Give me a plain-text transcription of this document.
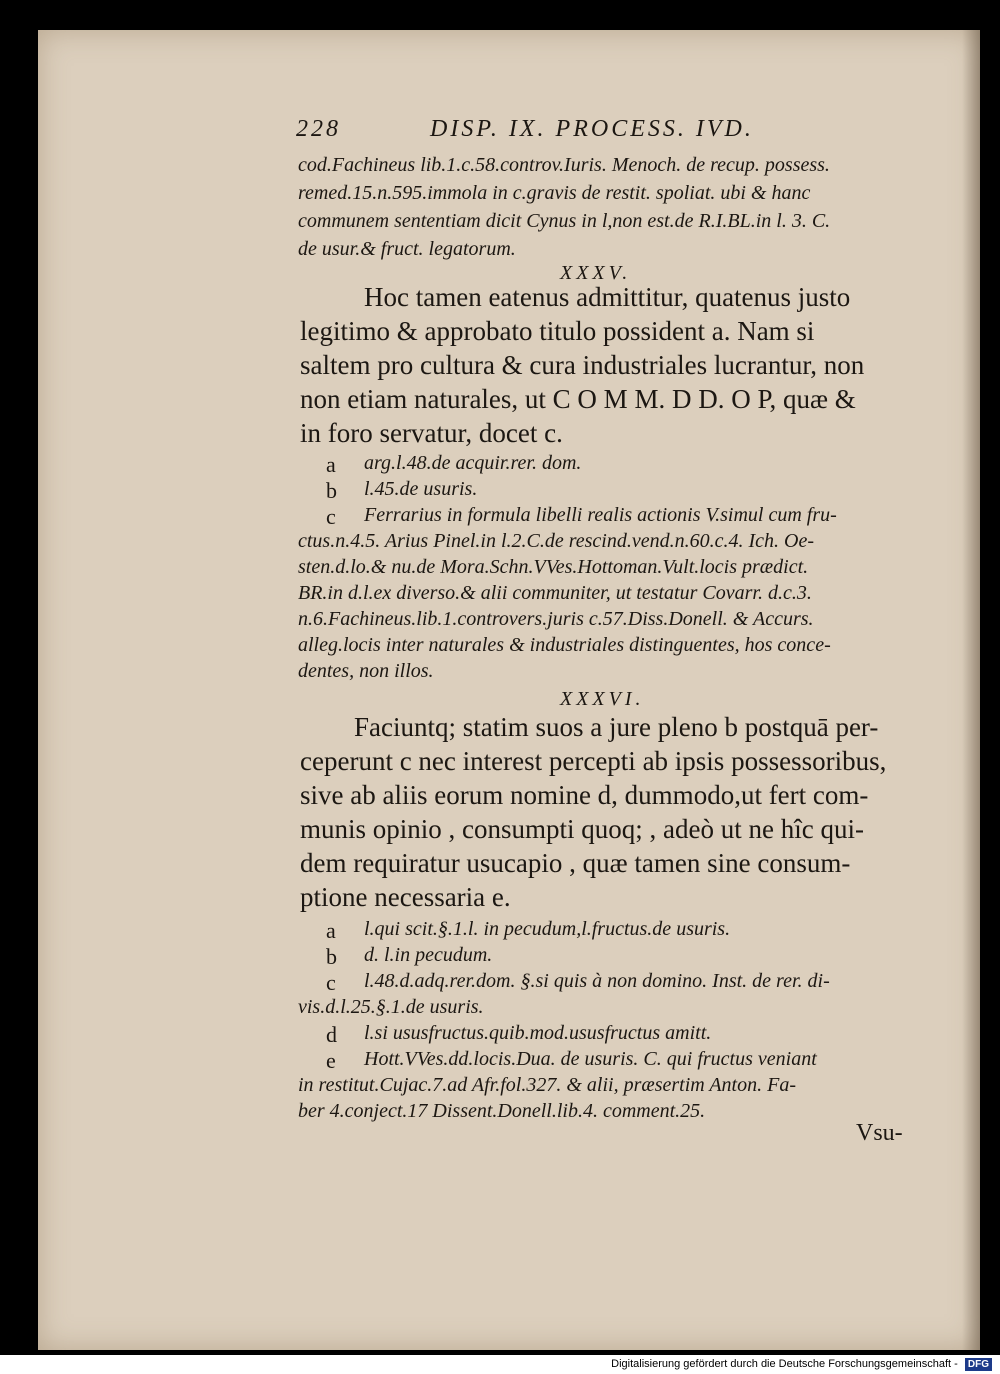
228	DISP. IX. PROCESS. IVD.
cod.Fachineus lib.1.c.58.controv.Iuris. Menoch. de recup. possess.
remed.15.n.595.immola in c.gravis de restit. spoliat. ubi & hanc
communem sententiam dicit Cynus in l,non est.de R.I.BL.in l. 3. C.
de usur.& fruct. legatorum.
XXXV.
Hoc tamen eatenus admittitur, quatenus justo
legitimo & approbato titulo possident a. Nam si
saltem pro cultura & cura industriales lucrantur, non
non etiam naturales, ut C O M M. D D. O P, quæ &
in foro servatur, docet c.
a arg.l.48.de acquir.rer. dom.
b l.45.de usuris.
c Ferrarius in formula libelli realis actionis V.simul cum fru-
ctus.n.4.5. Arius Pinel.in l.2.C.de rescind.vend.n.60.c.4. Ich. Oe-
sten.d.lo.& nu.de Mora.Schn.VVes.Hottoman.Vult.locis prædict.
BR.in d.l.ex diverso.& alii communiter, ut testatur Covarr. d.c.3.
n.6.Fachineus.lib.1.controvers.juris c.57.Diss.Donell. & Accurs.
alleg.locis inter naturales & industriales distinguentes, hos conce-
dentes, non illos.
XXXVI.
Faciuntq; statim suos a jure pleno b postquā per-
ceperunt c nec interest percepti ab ipsis possessoribus,
sive ab aliis eorum nomine d, dummodo,ut fert com-
munis opinio , consumpti quoq; , adeò ut ne hîc qui-
dem requiratur usucapio , quæ tamen sine consum-
ptione necessaria e.
a l.qui scit.§.1.l. in pecudum,l.fructus.de usuris.
b d. l.in pecudum.
c l.48.d.adq.rer.dom. §.si quis à non domino. Inst. de rer. di-
vis.d.l.25.§.1.de usuris.
d l.si ususfructus.quib.mod.ususfructus amitt.
e Hott.VVes.dd.locis.Dua. de usuris. C. qui fructus veniant
in restitut.Cujac.7.ad Afr.fol.327. & alii, præsertim Anton. Fa-
ber 4.conject.17 Dissent.Donell.lib.4. comment.25.
Vsu-
Digitalisierung gefördert durch die Deutsche Forschungsgemeinschaft - DFG
